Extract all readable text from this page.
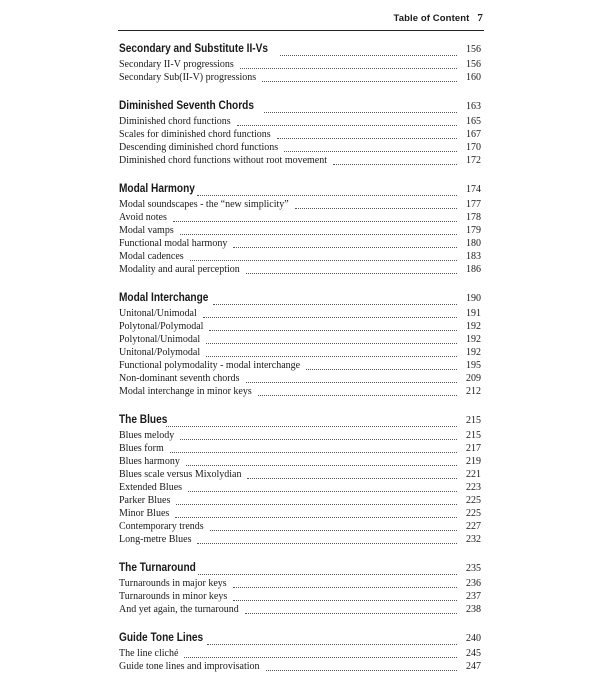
Table of Content 7
Secondary and Substitute II-Vs	156
Secondary II-V progressions	156
Secondary Sub(II-V) progressions	160
Diminished Seventh Chords	163
Diminished chord functions	165
Scales for diminished chord functions	167
Descending diminished chord functions	170
Diminished chord functions without root movement	172
Modal Harmony	174
Modal soundscapes - the “new simplicity”	177
Avoid notes	178
Modal vamps	179
Functional modal harmony	180
Modal cadences	183
Modality and aural perception	186
Modal Interchange	190
Unitonal/Unimodal	191
Polytonal/Polymodal	192
Polytonal/Unimodal	192
Unitonal/Polymodal	192
Functional polymodality - modal interchange	195
Non-dominant seventh chords	209
Modal interchange in minor keys	212
The Blues	215
Blues melody	215
Blues form	217
Blues harmony	219
Blues scale versus Mixolydian	221
Extended Blues	223
Parker Blues	225
Minor Blues	225
Contemporary trends	227
Long-metre Blues	232
The Turnaround	235
Turnarounds in major keys	236
Turnarounds in minor keys	237
And yet again, the turnaround	238
Guide Tone Lines	240
The line cliché	245
Guide tone lines and improvisation	247
